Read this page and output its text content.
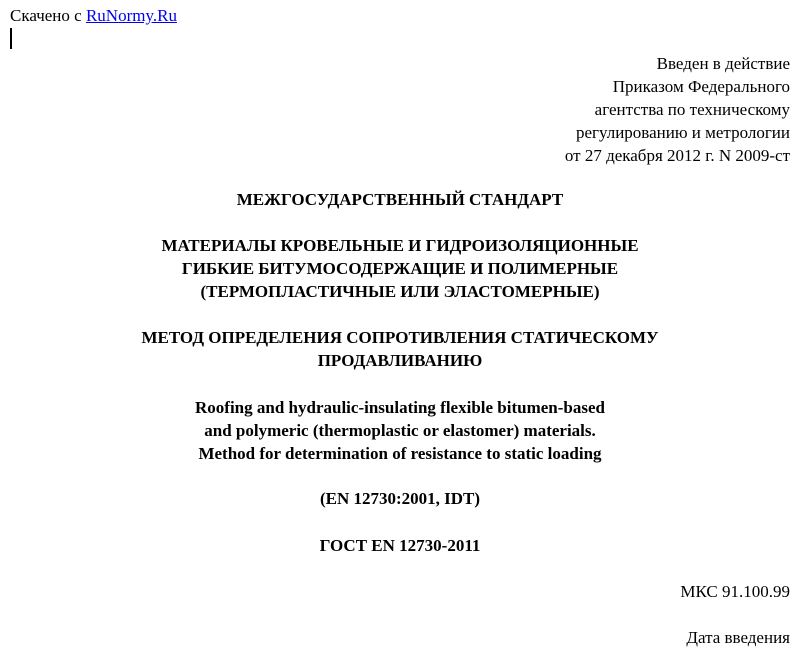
Скачено с RuNormy.Ru
Введен в действие
Приказом Федерального
агентства по техническому
регулированию и метрологии
от 27 декабря 2012 г. N 2009-ст
МЕЖГОСУДАРСТВЕННЫЙ СТАНДАРТ
МАТЕРИАЛЫ КРОВЕЛЬНЫЕ И ГИДРОИЗОЛЯЦИОННЫЕ
ГИБКИЕ БИТУМОСОДЕРЖАЩИЕ И ПОЛИМЕРНЫЕ
(ТЕРМОПЛАСТИЧНЫЕ ИЛИ ЭЛАСТОМЕРНЫЕ)
МЕТОД ОПРЕДЕЛЕНИЯ СОПРОТИВЛЕНИЯ СТАТИЧЕСКОМУ
ПРОДАВЛИВАНИЮ
Roofing and hydraulic-insulating flexible bitumen-based
and polymeric (thermoplastic or elastomer) materials.
Method for determination of resistance to static loading
(EN 12730:2001, IDT)
ГОСТ EN 12730-2011
МКС 91.100.99
Дата введения
